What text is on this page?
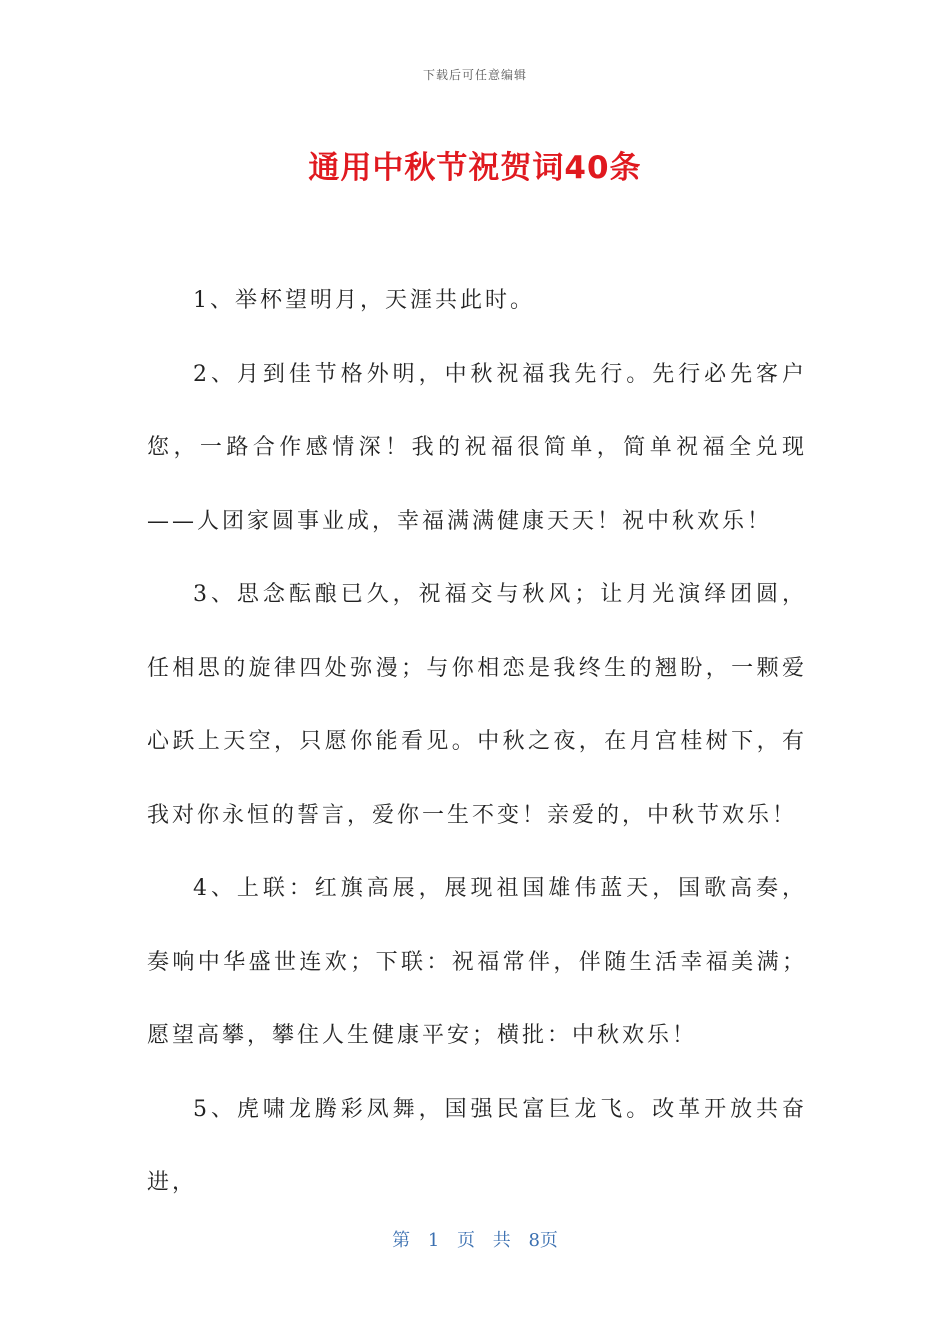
下载后可任意编辑
通用中秋节祝贺词40条

1、举杯望明月，天涯共此时。

2、月到佳节格外明，中秋祝福我先行。先行必先客户您，一路合作感情深！我的祝福很简单，简单祝福全兑现——人团家圆事业成，幸福满满健康天天！祝中秋欢乐！

3、思念酝酿已久，祝福交与秋风；让月光演绎团圆，任相思的旋律四处弥漫；与你相恋是我终生的翘盼，一颗爱心跃上天空，只愿你能看见。中秋之夜，在月宫桂树下，有我对你永恒的誓言，爱你一生不变！亲爱的，中秋节欢乐！

4、上联：红旗高展，展现祖国雄伟蓝天，国歌高奏，奏响中华盛世连欢；下联：祝福常伴，伴随生活幸福美满；愿望高攀，攀住人生健康平安；横批：中秋欢乐！

5、虎啸龙腾彩凤舞，国强民富巨龙飞。改革开放共奋进，

第 1 页 共 8页
